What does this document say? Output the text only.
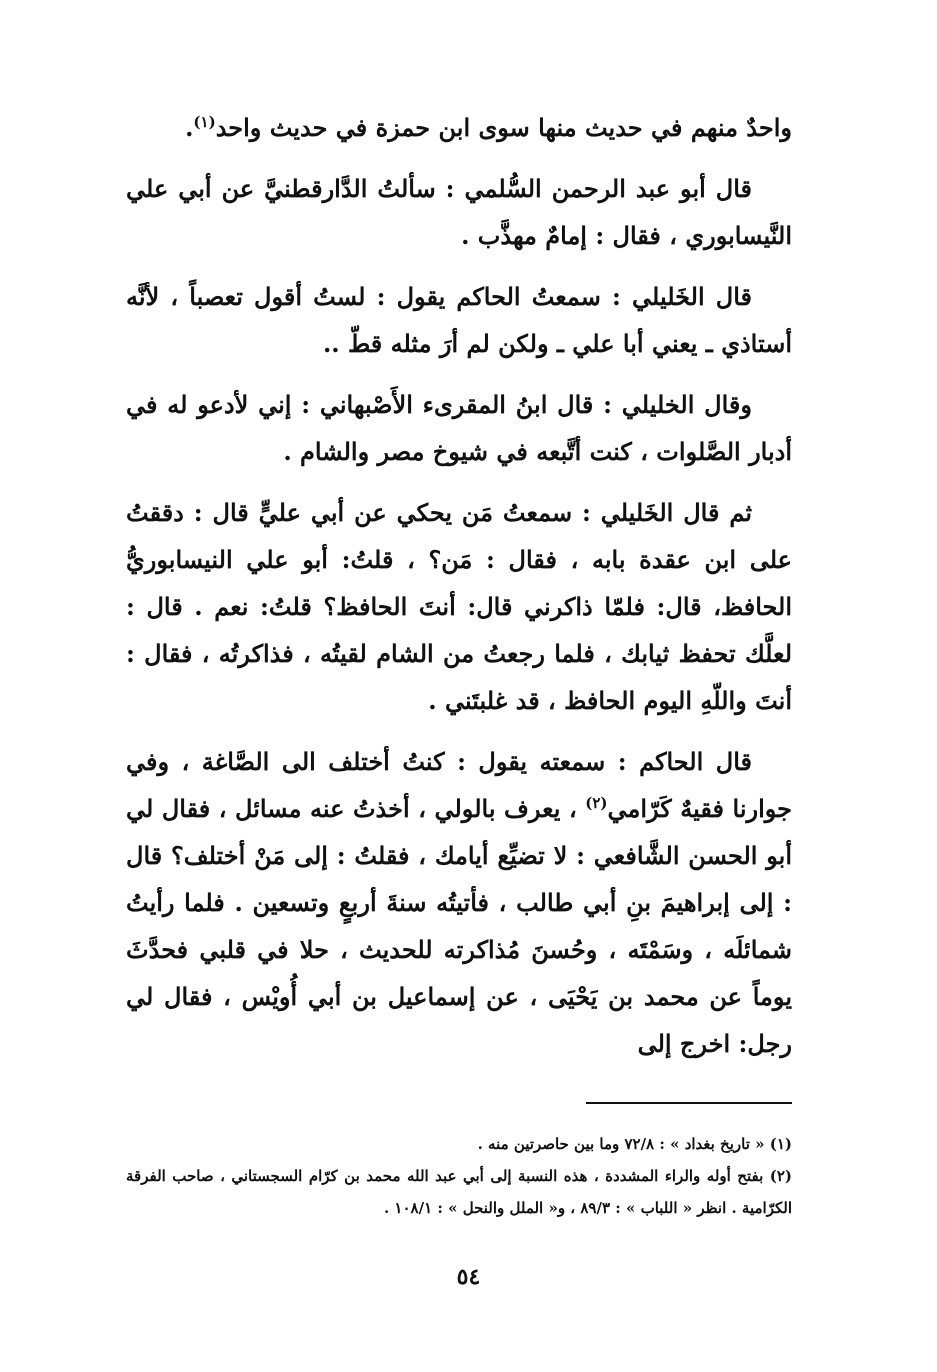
واحدٌ منهم في حديث منها سوى ابن حمزة في حديث واحد$^{(١)}$.

قال أبو عبد الرحمن السُّلمي : سألتُ الدَّارقطنيَّ عن أبي علي النَّيسابوري ، فقال : إمامٌ مهذَّب .

قال الخَليلي : سمعتُ الحاكم يقول : لستُ أقول تعصباً ، لأنَّه أستاذي ـ يعني أبا علي ـ ولكن لم أرَ مثله قطّ ..

وقال الخليلي : قال ابنُ المقرىء الأَصْبهاني : إني لأدعو له في أدبار الصَّلوات ، كنت أتَّبعه في شيوخ مصر والشام .

ثم قال الخَليلي : سمعتُ مَن يحكي عن أبي عليٍّ قال : دققتُ على ابن عقدة بابه ، فقال : مَن؟ ، قلتُ: أبو علي النيسابوريُّ الحافظ، قال: فلمّا ذاكرني قال: أنتَ الحافظ؟ قلتُ: نعم . قال : لعلَّك تحفظ ثيابك ، فلما رجعتُ من الشام لقيتُه ، فذاكرتُه ، فقال : أنتَ واللّهِ اليوم الحافظ ، قد غلبتَني .

قال الحاكم : سمعته يقول : كنتُ أختلف الى الصَّاغة ، وفي جوارنا فقيهٌ كَرّامي$^{(٢)}$ ، يعرف بالولي ، أخذتُ عنه مسائل ، فقال لي أبو الحسن الشَّافعي : لا تضيِّع أيامك ، فقلتُ : إلى مَنْ أختلف؟ قال : إلى إبراهيمَ بنِ أبي طالب ، فأتيتُه سنةَ أربعٍ وتسعين . فلما رأيتُ شمائلَه ، وسَمْتَه ، وحُسنَ مُذاكرته للحديث ، حلا في قلبي فحدَّثَ يوماً عن محمد بن يَحْيَى ، عن إسماعيل بن أبي أُويْس ، فقال لي رجل: اخرج إلى

(١) « تاريخ بغداد » : ٧٢/٨ وما بين حاصرتين منه .

(٢) بفتح أوله والراء المشددة ، هذه النسبة إلى أبي عبد الله محمد بن كرّام السجستاني ، صاحب الفرقة الكرّامية . انظر « اللباب » : ٨٩/٣ ، و« الملل والنحل » : ١٠٨/١ .

٥٤
